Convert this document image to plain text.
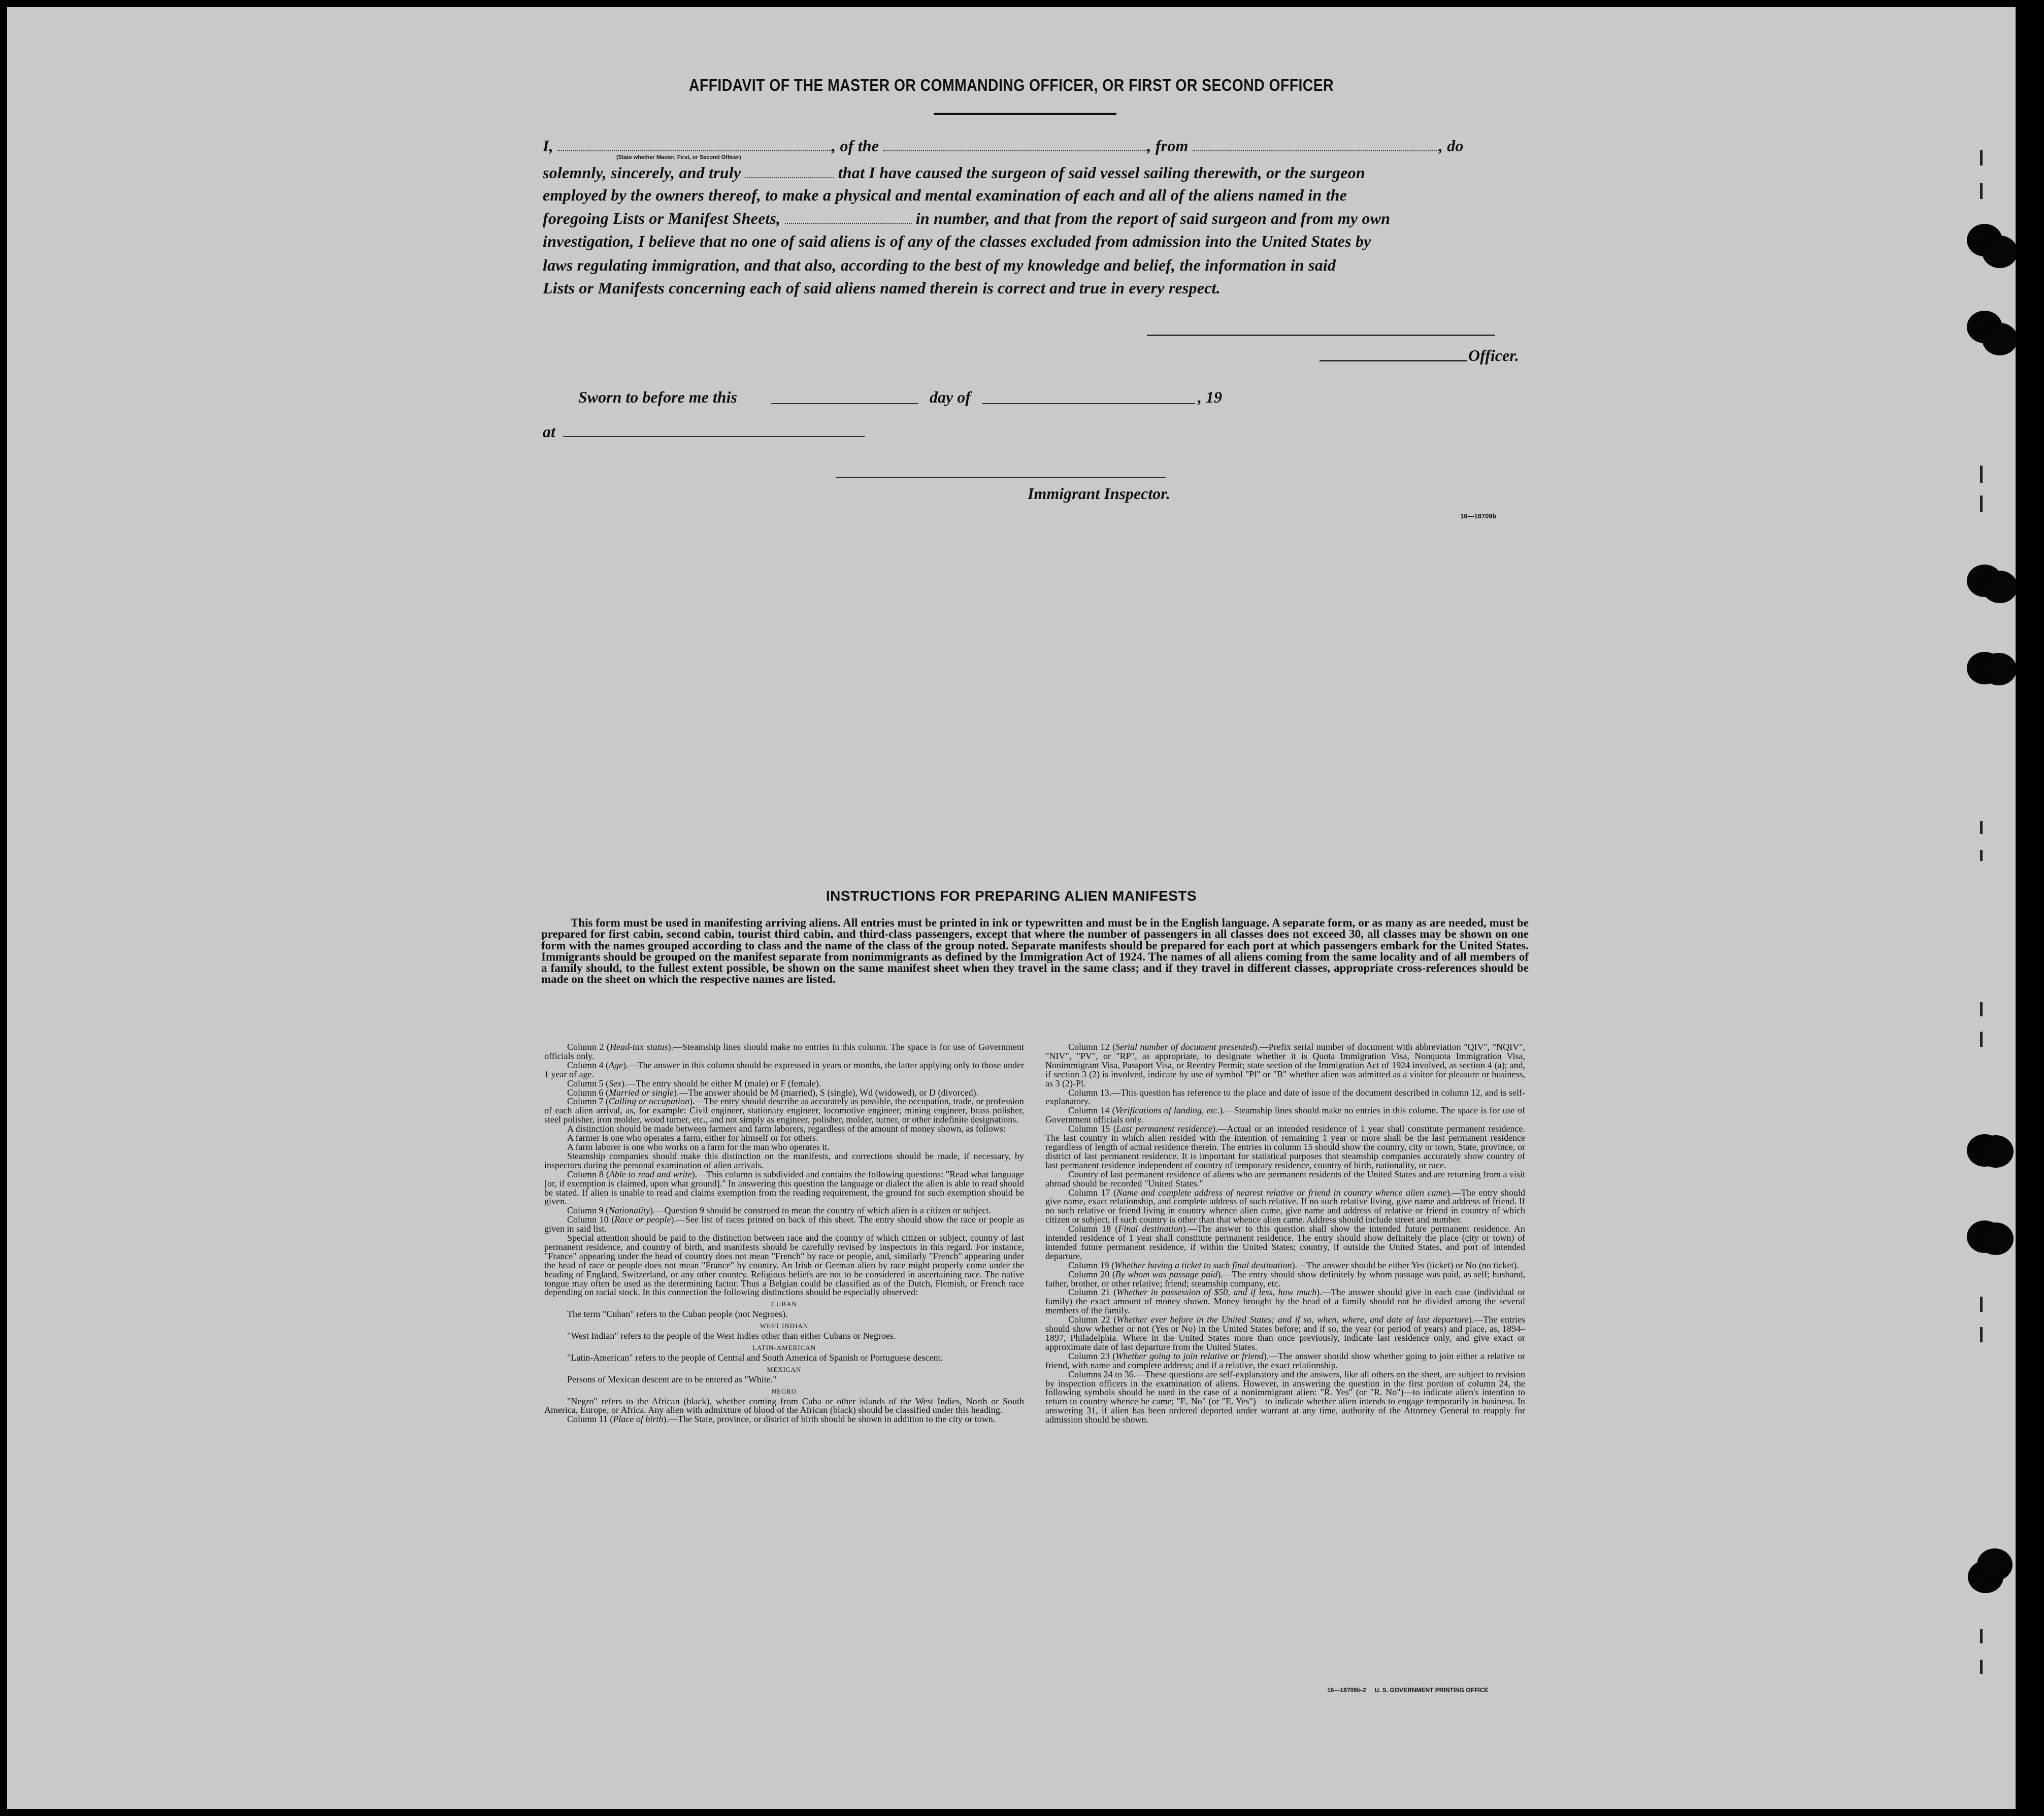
AFFIDAVIT OF THE MASTER OR COMMANDING OFFICER, OR FIRST OR SECOND OFFICER
I,	, of the	, from	, do
(State whether Master, First, or Second Officer)
solemnly, sincerely, and truly	that I have caused the surgeon of said vessel sailing therewith, or the surgeon
employed by the owners thereof, to make a physical and mental examination of each and all of the aliens named in the
foregoing Lists or Manifest Sheets,	in number, and that from the report of said surgeon and from my own
investigation, I believe that no one of said aliens is of any of the classes excluded from admission into the United States by
laws regulating immigration, and that also, according to the best of my knowledge and belief, the information in said
Lists or Manifests concerning each of said aliens named therein is correct and true in every respect.
Officer.
Sworn to before me this	day of	, 19
at
Immigrant Inspector.
16—18709b
INSTRUCTIONS FOR PREPARING ALIEN MANIFESTS
This form must be used in manifesting arriving aliens. All entries must be printed in ink or typewritten and must be in the English language. A separate form, or as many as are needed, must be prepared for first cabin, second cabin, tourist third cabin, and third-class passengers, except that where the number of passengers in all classes does not exceed 30, all classes may be shown on one form with the names grouped according to class and the name of the class of the group noted. Separate manifests should be prepared for each port at which passengers embark for the United States. Immigrants should be grouped on the manifest separate from nonimmigrants as defined by the Immigration Act of 1924. The names of all aliens coming from the same locality and of all members of a family should, to the fullest extent possible, be shown on the same manifest sheet when they travel in the same class; and if they travel in different classes, appropriate cross-references should be made on the sheet on which the respective names are listed.

Column 2 (Head-tax status).—Steamship lines should make no entries in this column. The space is for use of Government officials only.

Column 4 (Age).—The answer in this column should be expressed in years or months, the latter applying only to those under 1 year of age.

Column 5 (Sex).—The entry should be either M (male) or F (female).

Column 6 (Married or single).—The answer should be M (married), S (single), Wd (widowed), or D (divorced).

Column 7 (Calling or occupation).—The entry should describe as accurately as possible, the occupation, trade, or profession of each alien arrival, as, for example: Civil engineer, stationary engineer, locomotive engineer, mining engineer, brass polisher, steel polisher, iron molder, wood turner, etc., and not simply as engineer, polisher, molder, turner, or other indefinite designations.

A distinction should be made between farmers and farm laborers, regardless of the amount of money shown, as follows:

A farmer is one who operates a farm, either for himself or for others.

A farm laborer is one who works on a farm for the man who operates it.

Steamship companies should make this distinction on the manifests, and corrections should be made, if necessary, by inspectors during the personal examination of alien arrivals.

Column 8 (Able to read and write).—This column is subdivided and contains the following questions: "Read what language [or, if exemption is claimed, upon what ground]." In answering this question the language or dialect the alien is able to read should be stated. If alien is unable to read and claims exemption from the reading requirement, the ground for such exemption should be given.

Column 9 (Nationality).—Question 9 should be construed to mean the country of which alien is a citizen or subject.

Column 10 (Race or people).—See list of races printed on back of this sheet. The entry should show the race or people as given in said list.

Special attention should be paid to the distinction between race and the country of which citizen or subject, country of last permanent residence, and country of birth, and manifests should be carefully revised by inspectors in this regard. For instance, "France" appearing under the head of country does not mean "French" by race or people, and, similarly "French" appearing under the head of race or people does not mean "France" by country. An Irish or German alien by race might properly come under the heading of England, Switzerland, or any other country. Religious beliefs are not to be considered in ascertaining race. The native tongue may often be used as the determining factor. Thus a Belgian could be classified as of the Dutch, Flemish, or French race depending on racial stock. In this connection the following distinctions should be especially observed:

CUBAN

The term "Cuban" refers to the Cuban people (not Negroes).

WEST INDIAN

"West Indian" refers to the people of the West Indies other than either Cubans or Negroes.

LATIN-AMERICAN

"Latin-American" refers to the people of Central and South America of Spanish or Portuguese descent.

MEXICAN

Persons of Mexican descent are to be entered as "White."

NEGRO

"Negro" refers to the African (black), whether coming from Cuba or other islands of the West Indies, North or South America, Europe, or Africa. Any alien with admixture of blood of the African (black) should be classified under this heading.

Column 11 (Place of birth).—The State, province, or district of birth should be shown in addition to the city or town.

Column 12 (Serial number of document presented).—Prefix serial number of document with abbreviation "QIV", "NQIV", "NIV", "PV", or "RP", as appropriate, to designate whether it is Quota Immigration Visa, Nonquota Immigration Visa, Nonimmigrant Visa, Passport Visa, or Reentry Permit; state section of the Immigration Act of 1924 involved, as section 4 (a); and, if section 3 (2) is involved, indicate by use of symbol "Pl" or "B" whether alien was admitted as a visitor for pleasure or business, as 3 (2)-Pl.

Column 13.—This question has reference to the place and date of issue of the document described in column 12, and is self-explanatory.

Column 14 (Verifications of landing, etc.).—Steamship lines should make no entries in this column. The space is for use of Government officials only.

Column 15 (Last permanent residence).—Actual or an intended residence of 1 year shall constitute permanent residence. The last country in which alien resided with the intention of remaining 1 year or more shall be the last permanent residence regardless of length of actual residence therein. The entries in column 15 should show the country, city or town, State, province, or district of last permanent residence. It is important for statistical purposes that steamship companies accurately show country of last permanent residence independent of country of temporary residence, country of birth, nationality, or race.

Country of last permanent residence of aliens who are permanent residents of the United States and are returning from a visit abroad should be recorded "United States."

Column 17 (Name and complete address of nearest relative or friend in country whence alien came).—The entry should give name, exact relationship, and complete address of such relative. If no such relative living, give name and address of friend. If no such relative or friend living in country whence alien came, give name and address of relative or friend in country of which citizen or subject, if such country is other than that whence alien came. Address should include street and number.

Column 18 (Final destination).—The answer to this question shall show the intended future permanent residence. An intended residence of 1 year shall constitute permanent residence. The entry should show definitely the place (city or town) of intended future permanent residence, if within the United States; country, if outside the United States, and port of intended departure.

Column 19 (Whether having a ticket to such final destination).—The answer should be either Yes (ticket) or No (no ticket).

Column 20 (By whom was passage paid).—The entry should show definitely by whom passage was paid, as self; husband, father, brother, or other relative; friend; steamship company, etc.

Column 21 (Whether in possession of $50, and if less, how much).—The answer should give in each case (individual or family) the exact amount of money shown. Money brought by the head of a family should not be divided among the several members of the family.

Column 22 (Whether ever before in the United States; and if so, when, where, and date of last departure).—The entries should show whether or not (Yes or No) in the United States before; and if so, the year (or period of years) and place, as, 1894–1897, Philadelphia. Where in the United States more than once previously, indicate last residence only, and give exact or approximate date of last departure from the United States.

Column 23 (Whether going to join relative or friend).—The answer should show whether going to join either a relative or friend, with name and complete address; and if a relative, the exact relationship.

Columns 24 to 36.—These questions are self-explanatory and the answers, like all others on the sheet, are subject to revision by inspection officers in the examination of aliens. However, in answering the question in the first portion of column 24, the following symbols should be used in the case of a nonimmigrant alien: "R. Yes" (or "R. No")—to indicate alien's intention to return to country whence he came; "E. No" (or "E. Yes")—to indicate whether alien intends to engage temporarily in business. In answering 31, if alien has been ordered deported under warrant at any time, authority of the Attorney General to reapply for admission should be shown.

16—18709b-2     U. S. GOVERNMENT PRINTING OFFICE
